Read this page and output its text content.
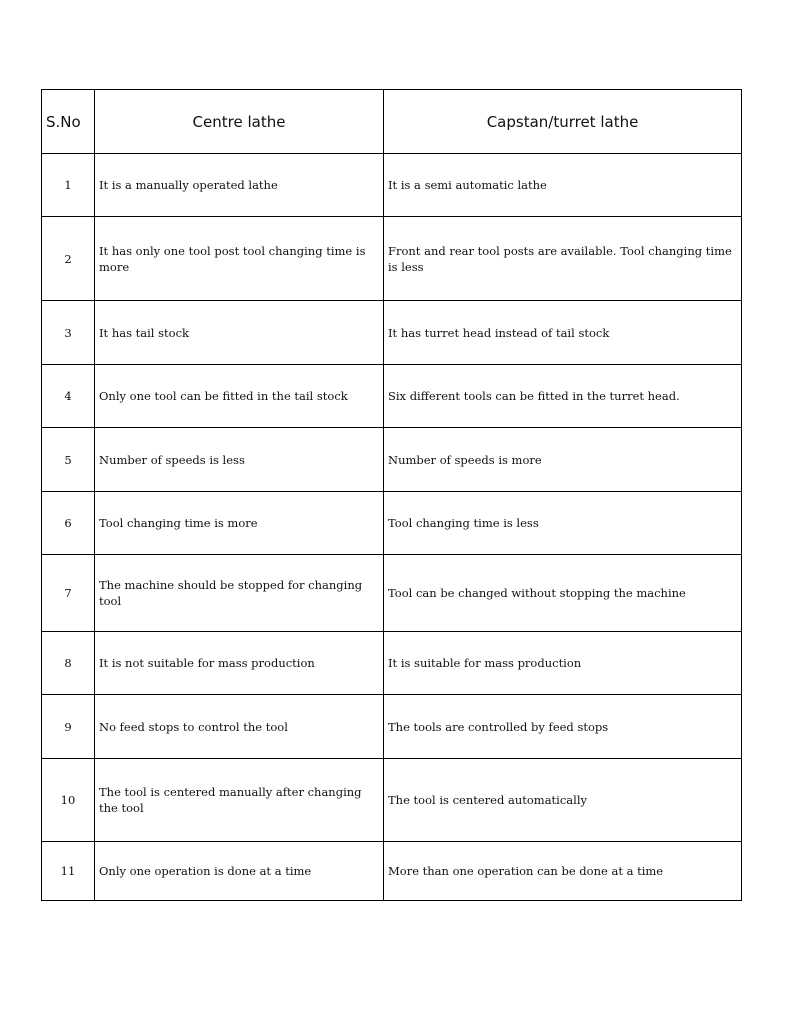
S.No	Centre lathe	Capstan/turret lathe
1	It is a manually operated lathe	It is a semi automatic lathe
2	It has only one tool post tool changing time is more	Front and rear tool posts are available. Tool changing time is less
3	It has tail stock	It has turret head instead of tail stock
4	Only one tool can be fitted in the tail stock	Six different tools can be fitted in the turret head.
5	Number of speeds is less	Number of speeds is more
6	Tool changing time is more	Tool changing time is less
7	The machine should be stopped for changing tool	Tool can be changed without stopping the machine
8	It is not suitable for mass production	It is suitable for mass production
9	No feed stops to control the tool	The tools are controlled by feed stops
10	The tool is centered manually after changing the tool	The tool is centered automatically
11	Only one operation is done at a time	More than one operation can be done at a time
